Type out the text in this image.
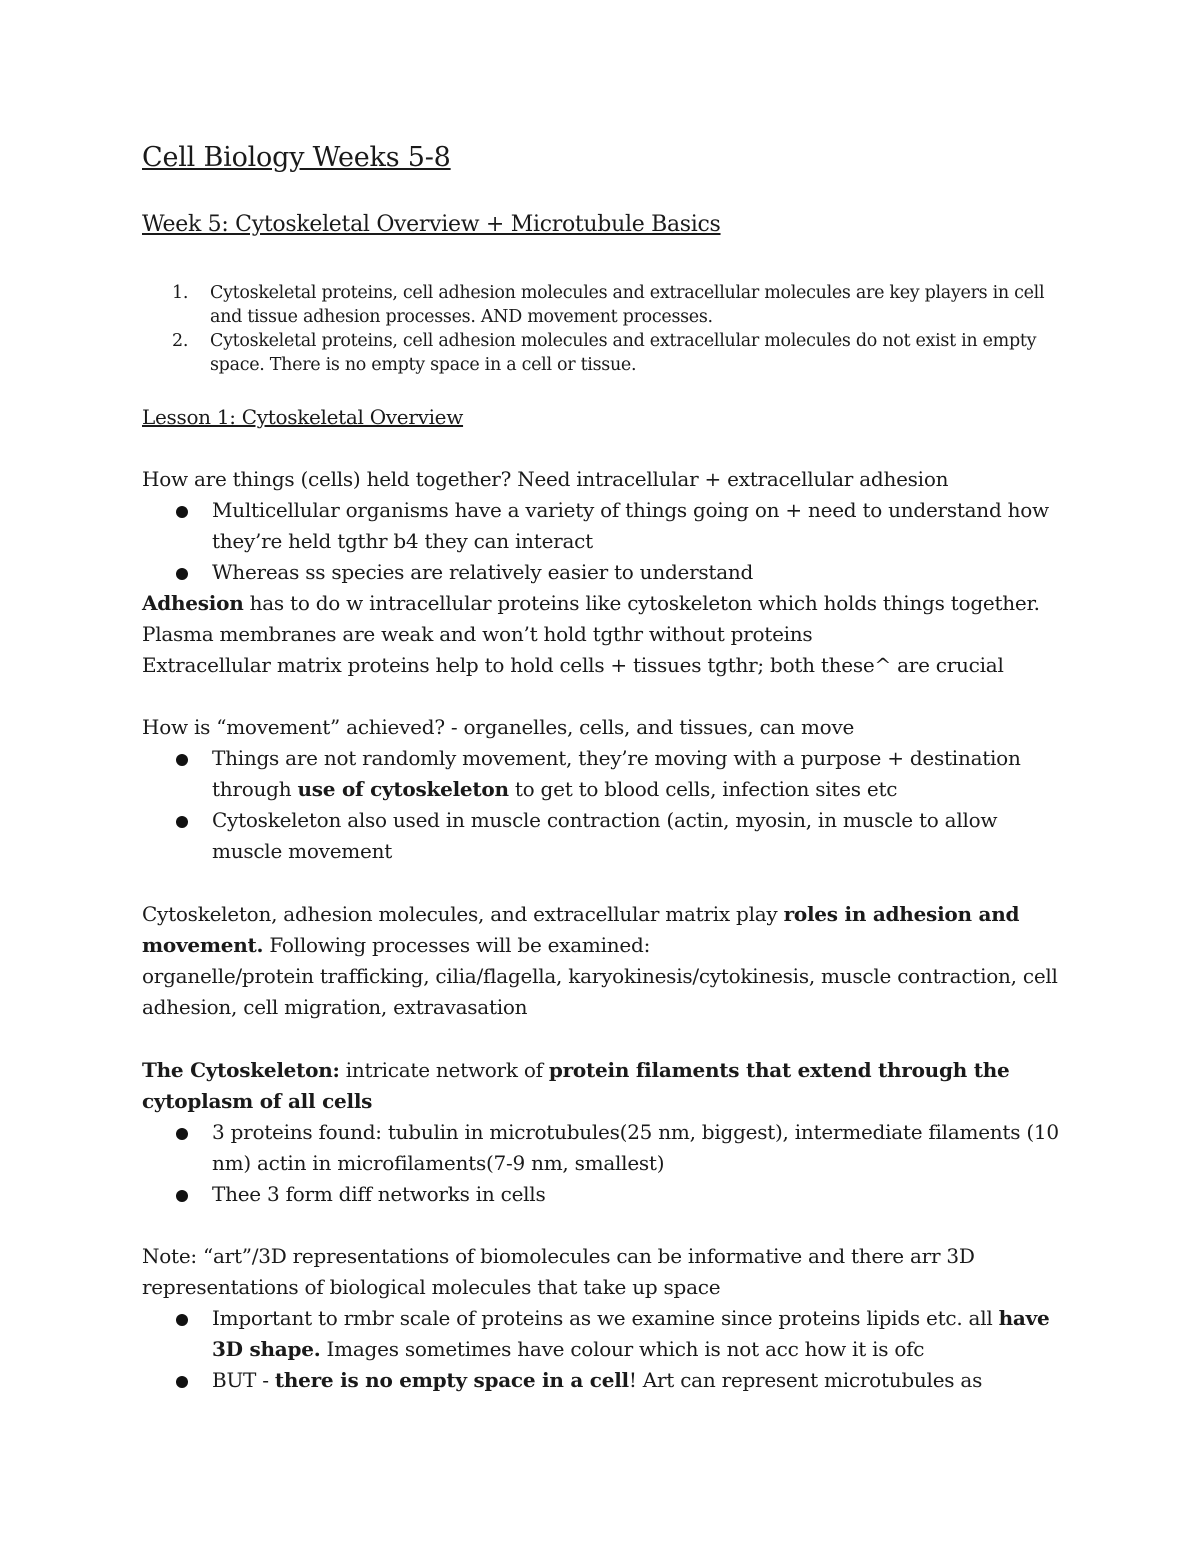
Cell Biology Weeks 5-8
Week 5: Cytoskeletal Overview + Microtubule Basics
1. Cytoskeletal proteins, cell adhesion molecules and extracellular molecules are key players in cell and tissue adhesion processes. AND movement processes.
2. Cytoskeletal proteins, cell adhesion molecules and extracellular molecules do not exist in empty space. There is no empty space in a cell or tissue.
Lesson 1: Cytoskeletal Overview

How are things (cells) held together? Need intracellular + extracellular adhesion

Multicellular organisms have a variety of things going on + need to understand how they’re held tgthr b4 they can interact
Whereas ss species are relatively easier to understand

Adhesion has to do w intracellular proteins like cytoskeleton which holds things together. Plasma membranes are weak and won’t hold tgthr without proteins

Extracellular matrix proteins help to hold cells + tissues tgthr; both these^ are crucial

How is “movement” achieved? - organelles, cells, and tissues, can move

Things are not randomly movement, they’re moving with a purpose + destination through use of cytoskeleton to get to blood cells, infection sites etc
Cytoskeleton also used in muscle contraction (actin, myosin, in muscle to allow muscle movement

Cytoskeleton, adhesion molecules, and extracellular matrix play roles in adhesion and movement. Following processes will be examined:

organelle/protein trafficking, cilia/flagella, karyokinesis/cytokinesis, muscle contraction, cell adhesion, cell migration, extravasation

The Cytoskeleton: intricate network of protein filaments that extend through the cytoplasm of all cells

3 proteins found: tubulin in microtubules(25 nm, biggest), intermediate filaments (10 nm) actin in microfilaments(7-9 nm, smallest)
Thee 3 form diff networks in cells

Note: “art”/3D representations of biomolecules can be informative and there arr 3D representations of biological molecules that take up space

Important to rmbr scale of proteins as we examine since proteins lipids etc. all have 3D shape. Images sometimes have colour which is not acc how it is ofc
BUT - there is no empty space in a cell! Art can represent microtubules as
